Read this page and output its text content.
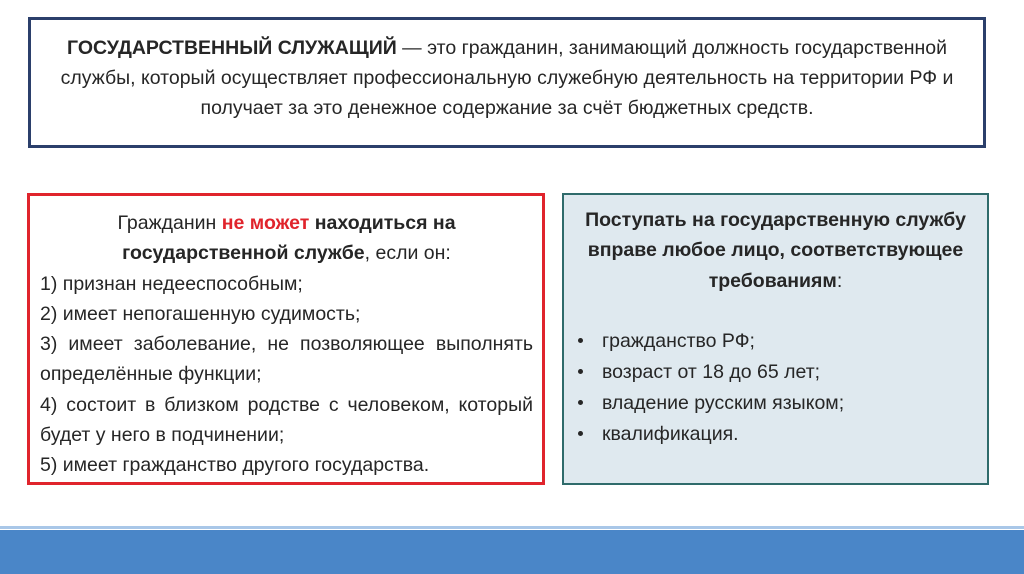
ГОСУДАРСТВЕННЫЙ СЛУЖАЩИЙ — это гражданин, занимающий должность государственной службы, который осуществляет профессиональную служебную деятельность на территории РФ и получает за это денежное содержание за счёт бюджетных средств.
Гражданин не может находиться на государственной службе, если он:
1) признан недееспособным;
2) имеет непогашенную судимость;
3) имеет заболевание, не позволяющее выполнять определённые функции;
4) состоит в близком родстве с человеком, который будет у него в подчинении;
5) имеет гражданство другого государства.
Поступать на государственную службу вправе любое лицо, соответствующее требованиям:
гражданство РФ;
возраст от 18 до 65 лет;
владение русским языком;
квалификация.
